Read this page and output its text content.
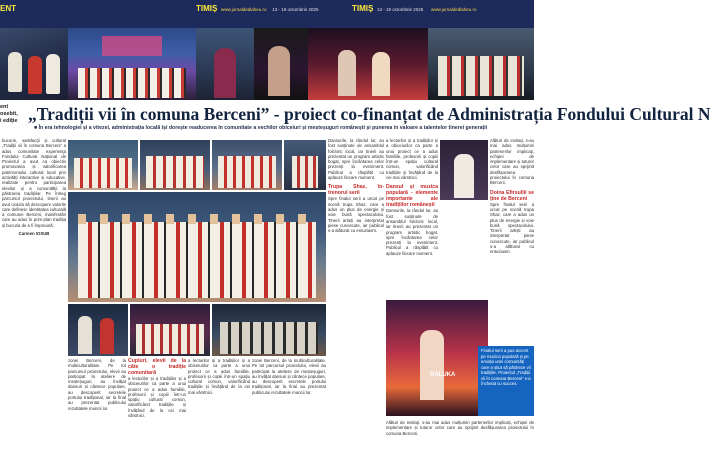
ENT	TIMIȘ www.jurnaldedlaheu.ro 13 - 19 octombrie 2025	TIMIȘ 13 - 19 octombrie 2025 www.jurnaldedlaheu.ro
ent
osebit,
i ediție „Tradiții vii în comuna Berceni” - proiect co-finanțat de Administrația Fondului Cultural N
■ În era tehnologiei și a vitezei, administrația locală își dorește readucerea în comunitate a vechilor obiceiuri și meșteșuguri românești și punerea în valoare a talentelor tinerei generații
bucurie, satisfacții și cultural „Tradiții vii în comuna Berceni” a adus comunitate experiența Fondului Cultural Național de Proiectul a avut ca obiectiv promovarea și valorificarea patrimoniului cultural local prin activități interactive și educative, realizate pentru participarea elevilor și a comunității la păstrarea tradițiilor. Pe întreg parcursul proiectului, tinerii au avut ocazia să descopere valorile care definesc identitatea culturală a comunei Berceni, manifestări care au adus în prim-plan tradiția și bucuria de a fi împreună.
Carmen IOSUB
zonei Berceni, de la multiculturalitate. Pe tot parcursul proiectului, elevii au participat la ateliere de meșteșuguri, au învățat dansuri și cântece populare, au descoperit secretele portului tradițional, iar la final au prezentat publicului rezultatele muncii lor.
Cupluri, elevii de la câte o tradiție comunitară
a lecturilor și a tradițiilor și a obiceiurilor ca parte a unui proiect ce a adus familiile, profesorii și copiii într-un spațiu cultural comun, valorificând tradițiile și învățând de la cei mai vârstnici.
a lecturilor și a tradițiilor și a obiceiurilor ca parte a unui proiect ce a adus familiile, profesorii și copiii într-un spațiu cultural comun, valorificând tradițiile și învățând de la cei mai vârstnici.
zonei Berceni, de la multiculturalitate. Pe tot parcursul proiectului, elevii au participat la ateliere de meșteșuguri, au învățat dansuri și cântece populare, au descoperit secretele portului tradițional, iar la final au prezentat publicului rezultatele muncii lor.
Dansurile, la rândul lor, au fost susținute de ansamblul folcloric local, iar tinerii au prezentat un program artistic bogat, spre încântarea celor prezenți la eveniment. Publicul a răsplătit cu aplauze fiecare moment.
Trupa Shaz, în-trenorul serii
Spre finalul serii a urcat pe scenă trupa Shaz, care a adus un plus de energie și voie bună spectacolului. Tinerii artiști au interpretat piese cunoscute, iar publicul s-a alăturat cu entuziasm.
a lecturilor și a tradițiilor și a obiceiurilor ca parte a unui proiect ce a adus familiile, profesorii și copiii într-un spațiu cultural comun, valorificând tradițiile și învățând de la cei mai vârstnici.
Dansul și muzica populară - elemente importante ale tradițiilor românești
Dansurile, la rândul lor, au fost susținute de ansamblul folcloric local, iar tinerii au prezentat un program artistic bogat, spre încântarea celor prezenți la eveniment. Publicul a răsplătit cu aplauze fiecare moment.
RALUKA
Alături de invitați, s-au mai adus mulțumiri partenerilor implicați, echipei de implementare și tuturor celor care au sprijinit desfășurarea proiectului în comuna Berceni.
Doina Efirsullii se ține de Berceni
Spre finalul serii a urcat pe scenă trupa Shaz, care a adus un plus de energie și voie bună spectacolului. Tinerii artiști au interpretat piese cunoscute, iar publicul s-a alăturat cu entuziasm.
Finalul serii a pus accent pe muzica populară și pe emoția unei comunități care a știut să păstreze vii tradițiile. Proiectul „Tradiții vii în comuna Berceni” s-a încheiat cu succes.
Alături de invitați, s-au mai adus mulțumiri partenerilor implicați, echipei de implementare și tuturor celor care au sprijinit desfășurarea proiectului în comuna Berceni.
